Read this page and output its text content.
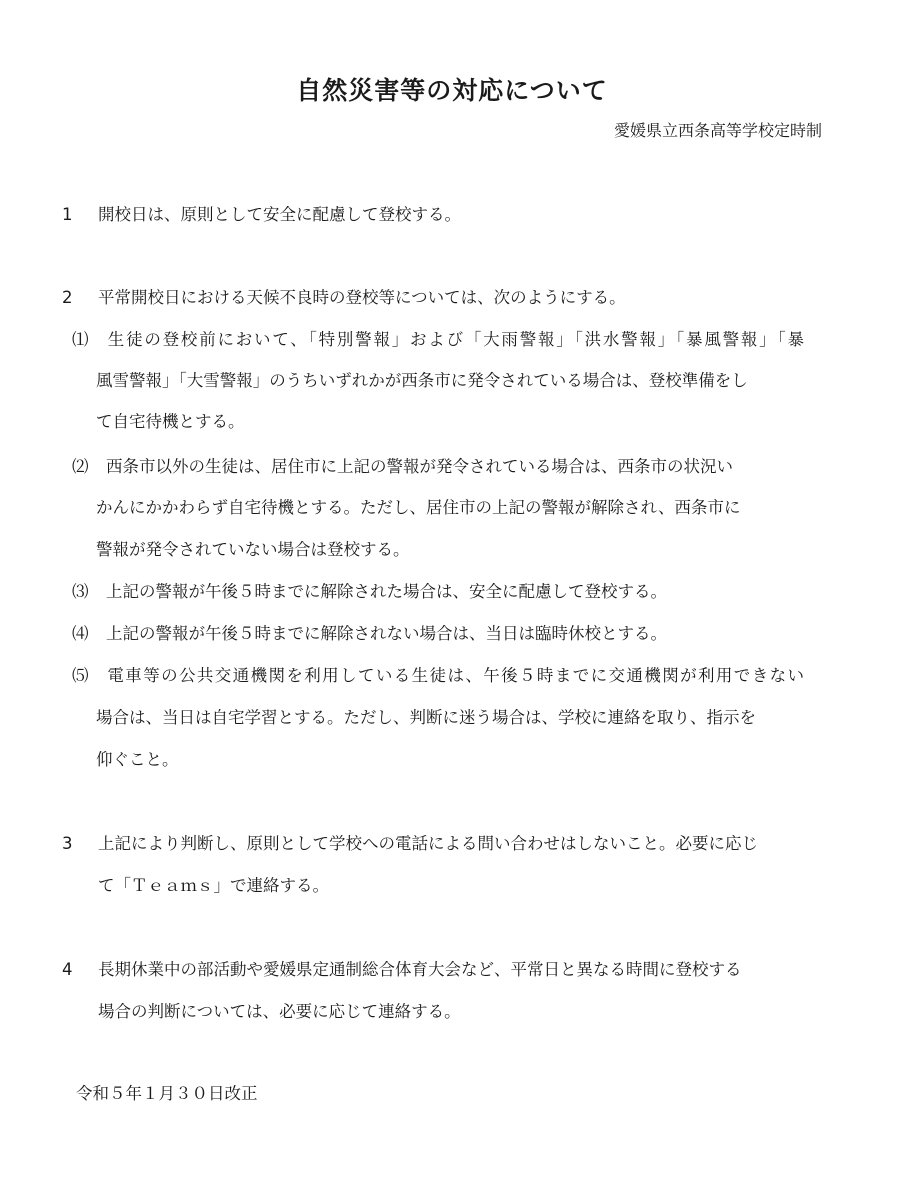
自然災害等の対応について

愛媛県立西条高等学校定時制

1 開校日は、原則として安全に配慮して登校する。

2 平常開校日における天候不良時の登校等については、次のようにする。

⑴ 生徒の登校前において、「特別警報」および「大雨警報」「洪水警報」「暴風警報」「暴

風雪警報」「大雪警報」のうちいずれかが西条市に発令されている場合は、登校準備をし

て自宅待機とする。

⑵ 西条市以外の生徒は、居住市に上記の警報が発令されている場合は、西条市の状況い

かんにかかわらず自宅待機とする。ただし、居住市の上記の警報が解除され、西条市に

警報が発令されていない場合は登校する。

⑶ 上記の警報が午後５時までに解除された場合は、安全に配慮して登校する。

⑷ 上記の警報が午後５時までに解除されない場合は、当日は臨時休校とする。

⑸ 電車等の公共交通機関を利用している生徒は、午後５時までに交通機関が利用できない

場合は、当日は自宅学習とする。ただし、判断に迷う場合は、学校に連絡を取り、指示を

仰ぐこと。

3 上記により判断し、原則として学校への電話による問い合わせはしないこと。必要に応じ

て「Ｔｅａｍｓ」で連絡する。

4 長期休業中の部活動や愛媛県定通制総合体育大会など、平常日と異なる時間に登校する

場合の判断については、必要に応じて連絡する。

令和５年１月３０日改正
